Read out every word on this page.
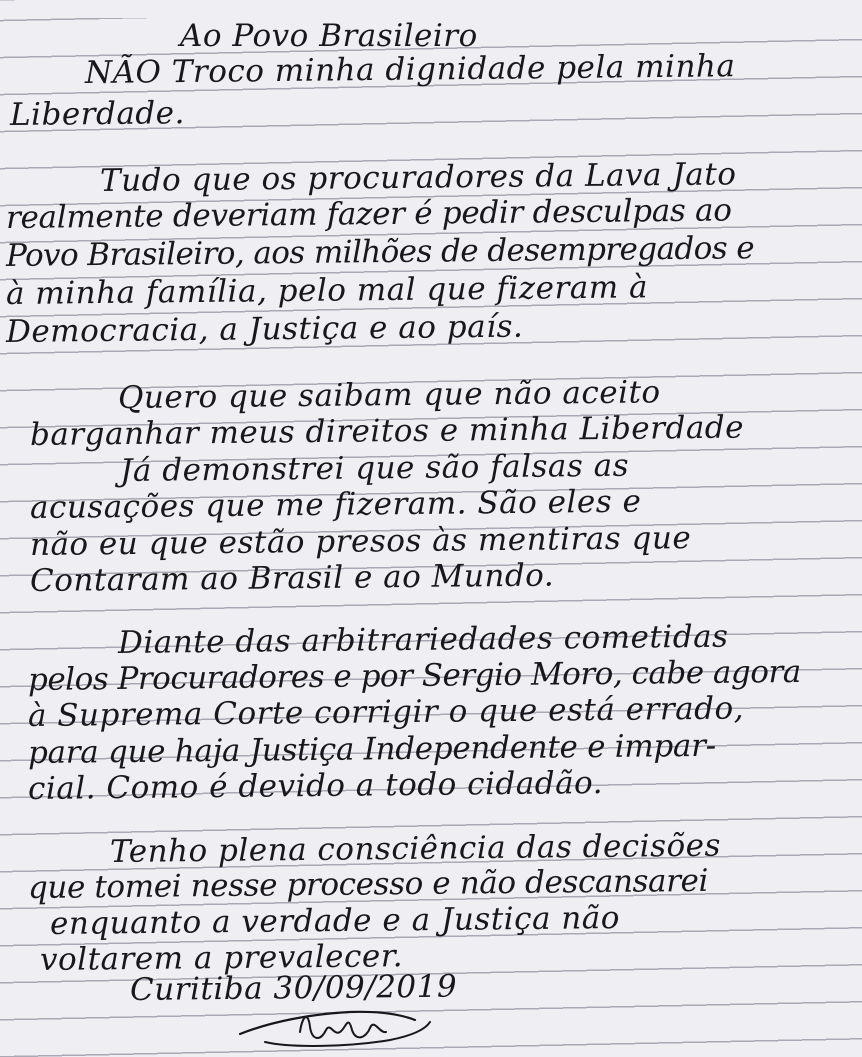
Ao Povo Brasileiro
NÃO Troco minha dignidade pela minha
Liberdade.
Tudo que os procuradores da Lava Jato
realmente deveriam fazer é pedir desculpas ao
Povo Brasileiro, aos milhões de desempregados e
à minha família, pelo mal que fizeram à
Democracia, a Justiça e ao país.
Quero que saibam que não aceito
barganhar meus direitos e minha Liberdade
Já demonstrei que são falsas as
acusações que me fizeram. São eles e
não eu que estão presos às mentiras que
Contaram ao Brasil e ao Mundo.
Diante das arbitrariedades cometidas
pelos Procuradores e por Sergio Moro, cabe agora
à Suprema Corte corrigir o que está errado,
para que haja Justiça Independente e impar-
cial. Como é devido a todo cidadão.
Tenho plena consciência das decisões
que tomei nesse processo e não descansarei
enquanto a verdade e a Justiça não
voltarem a prevalecer.
Curitiba 30/09/2019
